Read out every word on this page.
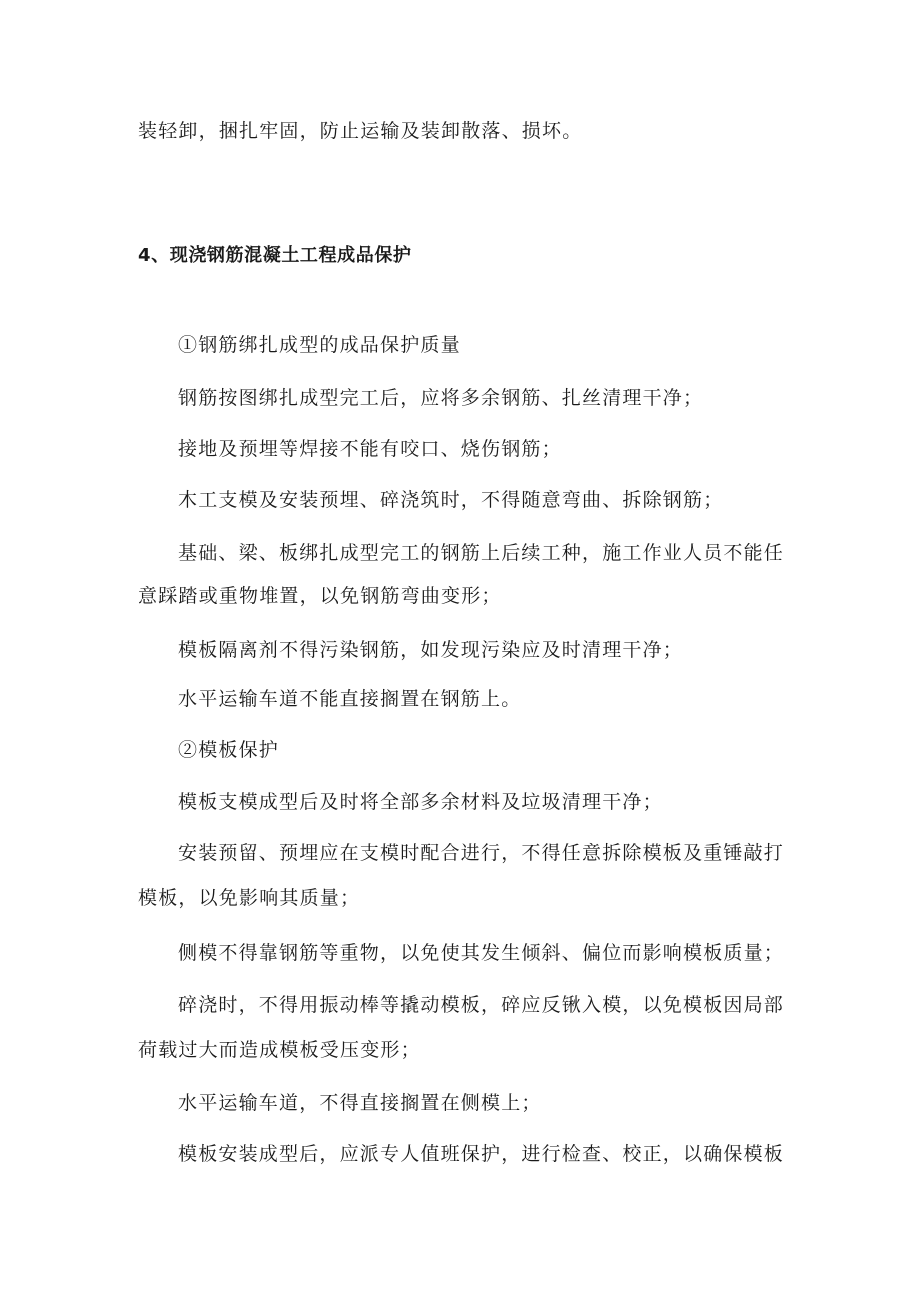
装轻卸，捆扎牢固，防止运输及装卸散落、损坏。

4、现浇钢筋混凝土工程成品保护

①钢筋绑扎成型的成品保护质量

钢筋按图绑扎成型完工后，应将多余钢筋、扎丝清理干净；

接地及预埋等焊接不能有咬口、烧伤钢筋；

木工支模及安装预埋、碎浇筑时，不得随意弯曲、拆除钢筋；

基础、梁、板绑扎成型完工的钢筋上后续工种，施工作业人员不能任

意踩踏或重物堆置，以免钢筋弯曲变形；

模板隔离剂不得污染钢筋，如发现污染应及时清理干净；

水平运输车道不能直接搁置在钢筋上。

②模板保护

模板支模成型后及时将全部多余材料及垃圾清理干净；

安装预留、预埋应在支模时配合进行，不得任意拆除模板及重锤敲打

模板，以免影响其质量；

侧模不得靠钢筋等重物，以免使其发生倾斜、偏位而影响模板质量；

碎浇时，不得用振动棒等撬动模板，碎应反锹入模，以免模板因局部

荷载过大而造成模板受压变形；

水平运输车道，不得直接搁置在侧模上；

模板安装成型后，应派专人值班保护，进行检查、校正，以确保模板
